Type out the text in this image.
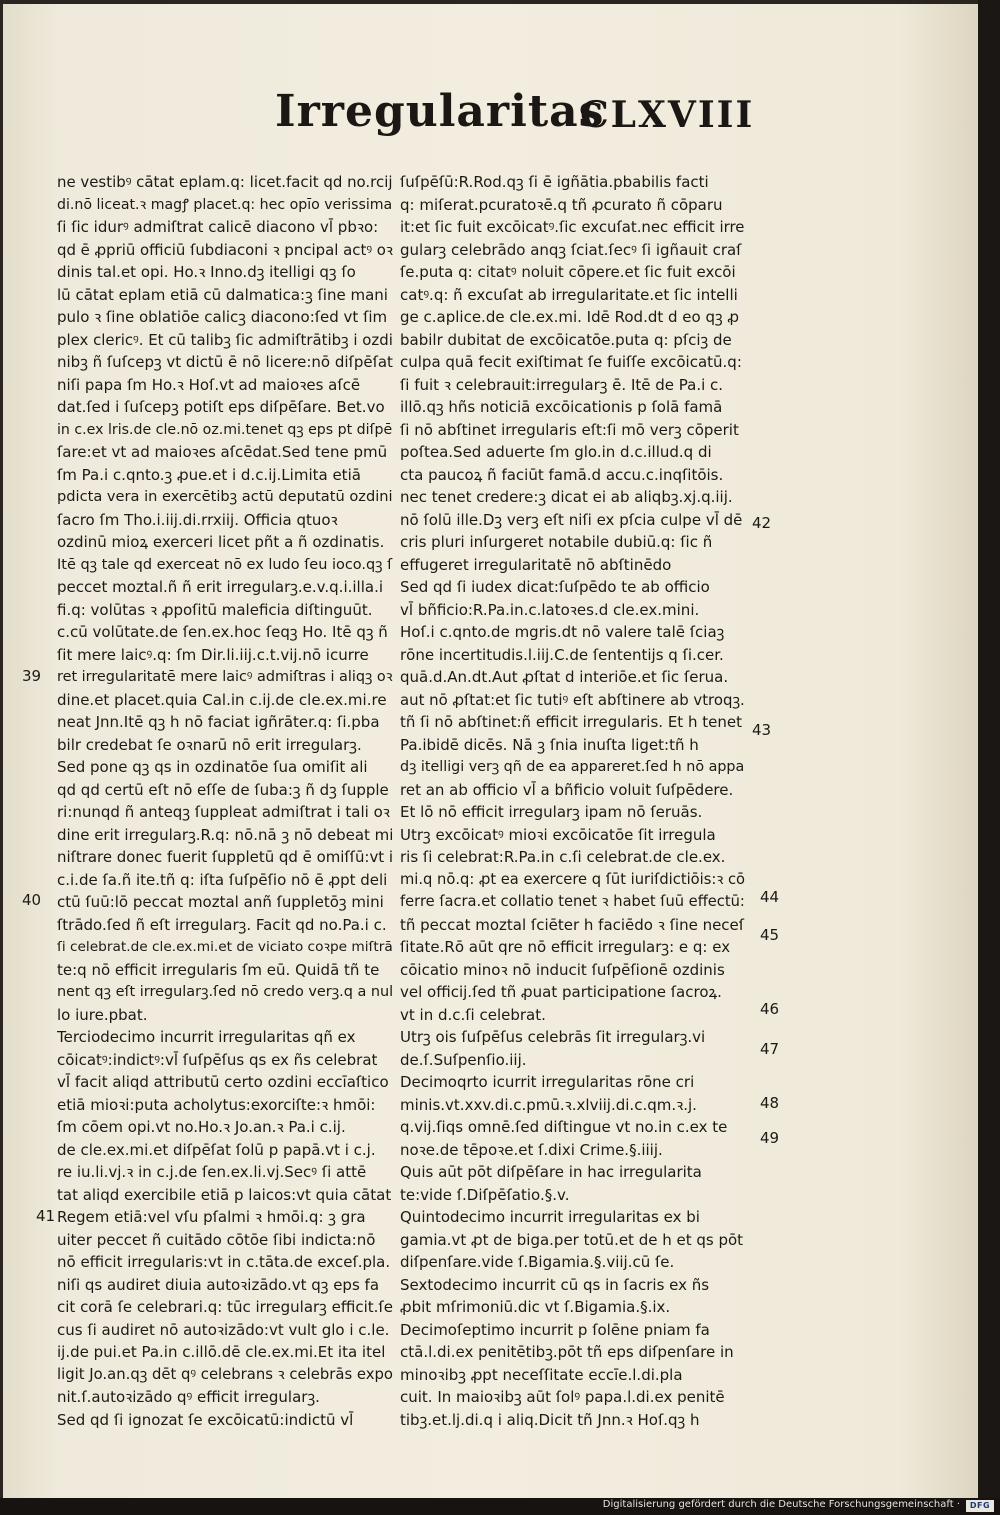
Irregularitas
CLXVIII
ne vestibꝰ cātat eplam.q: licet.facit qd no.rcij
di.nō liceat.ꝛ magꝭ placet.q: hec opīo verissima
ſi ſic idurꝰ admiſtrat calicē diacono vl̄ pbꝛo:
qd ē ꝓpriū officiū ſubdiaconi ꝛ pncipal actꝰ oꝛ
dinis tal.et opi. Ho.ꝛ Inno.dꝫ itelligi qꝫ ſo
lū cātat eplam etiā cū dalmatica:ꝫ ſine mani
pulo ꝛ ſine oblatiōe calicꝫ diacono:ſed vt ſim
plex clericꝰ. Et cū talibꝫ ſic admiſtrātibꝫ i ozdi
nibꝫ ñ ſuſcepꝫ vt dictū ē nō licere:nō diſpēſat
niſi papa ſm Ho.ꝛ Hoſ.vt ad maioꝛes aſcē
dat.ſed i ſuſcepꝫ potiſt eps diſpēſare. Bet.vo
in c.ex lris.de cle.nō oz.mi.tenet qꝫ eps pt diſpē
ſare:et vt ad maioꝛes aſcēdat.Sed tene pmū
ſm Pa.i c.qnto.ꝫ ꝓue.et i d.c.ij.Limita etiā
pdicta vera in exercētibꝫ actū deputatū ozdini
ſacro ſm Tho.i.iij.di.rrxiij. Officia qtuoꝛ
ozdinū mioꝝ exerceri licet pñt a ñ ozdinatis.
Itē qꝫ tale qd exerceat nō ex ludo ſeu ioco.qꝫ ſ
peccet moztal.ñ ñ erit irregularꝫ.e.v.q.i.illa.i
fi.q: volūtas ꝛ ꝓpoſitū maleficia diſtinguūt.
c.cū volūtate.de ſen.ex.hoc ſeqꝫ Ho. Itē qꝫ ñ
ſit mere laicꝰ.q: ſm Dir.li.iij.c.t.vij.nō icurre
ret irregularitatē mere laicꝰ admiſtras i aliqꝫ oꝛ
dine.et placet.quia Cal.in c.ij.de cle.ex.mi.re
neat Jnn.Itē qꝫ h nō faciat igñrāter.q: ſi.pba
bilr credebat ſe oꝛnarū nō erit irregularꝫ.
Sed pone qꝫ qs in ozdinatōe ſua omiſit ali
qd qd certū eſt nō eſſe de ſuba:ꝫ ñ dꝫ ſupple
ri:nunqd ñ anteqꝫ ſuppleat admiſtrat i tali oꝛ
dine erit irregularꝫ.R.q: nō.nā ꝫ nō debeat mi
niſtrare donec fuerit ſuppletū qd ē omiſſū:vt i
c.i.de ſa.ñ ite.tñ q: iſta ſuſpēſio nō ē ꝓpt deli
ctū ſuū:lō peccat moztal anñ ſuppletōꝫ mini
ſtrādo.ſed ñ eſt irregularꝫ. Facit qd no.Pa.i c.
ſi celebrat.de cle.ex.mi.et de viciato coꝛpe miſtrā
te:q nō efficit irregularis ſm eū. Quidā tñ te
nent qꝫ eſt irregularꝫ.ſed nō credo verꝫ.q a nul
lo iure.pbat.
Terciodecimo incurrit irregularitas qñ ex
cōicatꝰ:indictꝰ:vl̄ ſuſpēſus qs ex ñs celebrat
vl̄ facit aliqd attributū certo ozdini eccīaſtico
etiā mioꝛi:puta acholytus:exorciſte:ꝛ hmōi:
ſm cōem opi.vt no.Ho.ꝛ Jo.an.ꝛ Pa.i c.ij.
de cle.ex.mi.et diſpēſat ſolū p papā.vt i c.j.
re iu.li.vj.ꝛ in c.j.de ſen.ex.li.vj.Secꝰ ſi attē
tat aliqd exercibile etiā p laicos:vt quia cātat
Regem etiā:vel vſu pſalmi ꝛ hmōi.q: ꝫ gra
uiter peccet ñ cuitādo cōtōe ſibi indicta:nō
nō efficit irregularis:vt in c.tāta.de exceſ.pla.
niſi qs audiret diuia autoꝛizādo.vt qꝫ eps fa
cit corā ſe celebrari.q: tūc irregularꝫ efficit.ſe
cus ſi audiret nō autoꝛizādo:vt vult glo i c.le.
ij.de pui.et Pa.in c.illō.dē cle.ex.mi.Et ita itel
ligit Jo.an.qꝫ dēt qꝰ celebrans ꝛ celebrās expo
nit.ſ.autoꝛizādo qꝰ efficit irregularꝫ.
Sed qd ſi ignozat ſe excōicatū:indictū vl̄
ſuſpēſū:R.Rod.qꝫ ſi ē igñātia.pbabilis facti
q: miſerat.pcuratoꝛē.q tñ ꝓcurato ñ cōparu
it:et ſic fuit excōicatꝰ.ſic excuſat.nec efficit irre
gularꝫ celebrādo anqꝫ ſciat.ſecꝰ ſi igñauit craſ
ſe.puta q: citatꝰ noluit cōpere.et ſic fuit excōi
catꝰ.q: ñ excuſat ab irregularitate.et ſic intelli
ge c.aplice.de cle.ex.mi. Idē Rod.dt d eo qꝫ ꝓ
babilr dubitat de excōicatōe.puta q: pſciꝫ de
culpa quā fecit exiſtimat ſe fuiſſe excōicatū.q:
ſi fuit ꝛ celebrauit:irregularꝫ ē. Itē de Pa.i c.
illō.qꝫ hñs noticiā excōicationis p ſolā famā
ſi nō abſtinet irregularis eſt:ſi mō verꝫ cōperit
poſtea.Sed aduerte ſm glo.in d.c.illud.q di
cta paucoꝝ ñ faciūt famā.d accu.c.inqſitōis.
nec tenet credere:ꝫ dicat ei ab aliqbꝫ.xj.q.iij.
nō ſolū ille.Dꝫ verꝫ eſt niſi ex pſcia culpe vl̄ dē
cris pluri inſurgeret notabile dubiū.q: ſic ñ
effugeret irregularitatē nō abſtinēdo
Sed qd ſi iudex dicat:ſuſpēdo te ab officio
vl̄ bñficio:R.Pa.in.c.latoꝛes.d cle.ex.mini.
Hoſ.i c.qnto.de mgris.dt nō valere talē ſciaꝫ
rōne incertitudis.l.iij.C.de ſententijs q ſi.cer.
quā.d.An.dt.Aut ꝓſtat d interiōe.et ſic ſerua.
aut nō ꝓſtat:et ſic tutiꝰ eſt abſtinere ab vtroqꝫ.
tñ ſi nō abſtinet:ñ efficit irregularis. Et h tenet
Pa.ibidē dicēs. Nā ꝫ ſnia inuſta liget:tñ h
dꝫ itelligi verꝫ qñ de ea appareret.ſed h nō appa
ret an ab officio vl̄ a bñficio voluit ſuſpēdere.
Et lō nō efficit irregularꝫ ipam nō ſeruās.
Utrꝫ excōicatꝰ mioꝛi excōicatōe ſit irregula
ris ſi celebrat:R.Pa.in c.ſi celebrat.de cle.ex.
mi.q nō.q: ꝓt ea exercere q ſūt iuriſdictiōis:ꝛ cō
ferre ſacra.et collatio tenet ꝛ habet ſuū effectū:
tñ peccat moztal ſciēter h faciēdo ꝛ ſine neceſ
ſitate.Rō aūt qre nō efficit irregularꝫ: e q: ex
cōicatio minoꝛ nō inducit ſuſpēſionē ozdinis
vel officij.ſed tñ ꝓuat participatione ſacroꝝ.
vt in d.c.ſi celebrat.
Utrꝫ ois ſuſpēſus celebrās ſit irregularꝫ.vi
de.ſ.Suſpenſio.iij.
Decimoqrto icurrit irregularitas rōne cri
minis.vt.xxv.di.c.pmū.ꝛ.xlviij.di.c.qm.ꝛ.j.
q.vij.ſiqs omnē.ſed diſtingue vt no.in c.ex te
noꝛe.de tēpoꝛe.et ſ.dixi Crime.§.iiij.
Quis aūt pōt diſpēſare in hac irregularita
te:vide ſ.Diſpēſatio.§.v.
Quintodecimo incurrit irregularitas ex bi
gamia.vt ꝓt de biga.per totū.et de h et qs pōt
diſpenſare.vide ſ.Bigamia.§.viij.cū ſe.
Sextodecimo incurrit cū qs in ſacris ex ñs
ꝓbit mſrimoniū.dic vt ſ.Bigamia.§.ix.
Decimoſeptimo incurrit p ſolēne pniam fa
ctā.l.di.ex penitētibꝫ.pōt tñ eps diſpenſare in
minoꝛibꝫ ꝓpt neceſſitate eccīe.l.di.pla
cuit. In maioꝛibꝫ aūt ſolꝰ papa.l.di.ex penitē
tibꝫ.et.lj.di.q i aliq.Dicit tñ Jnn.ꝛ Hoſ.qꝫ h
39
40
41
42
43
44
45
46
47
48
49
Digitalisierung gefördert durch die Deutsche Forschungsgemeinschaft ·	DFG
